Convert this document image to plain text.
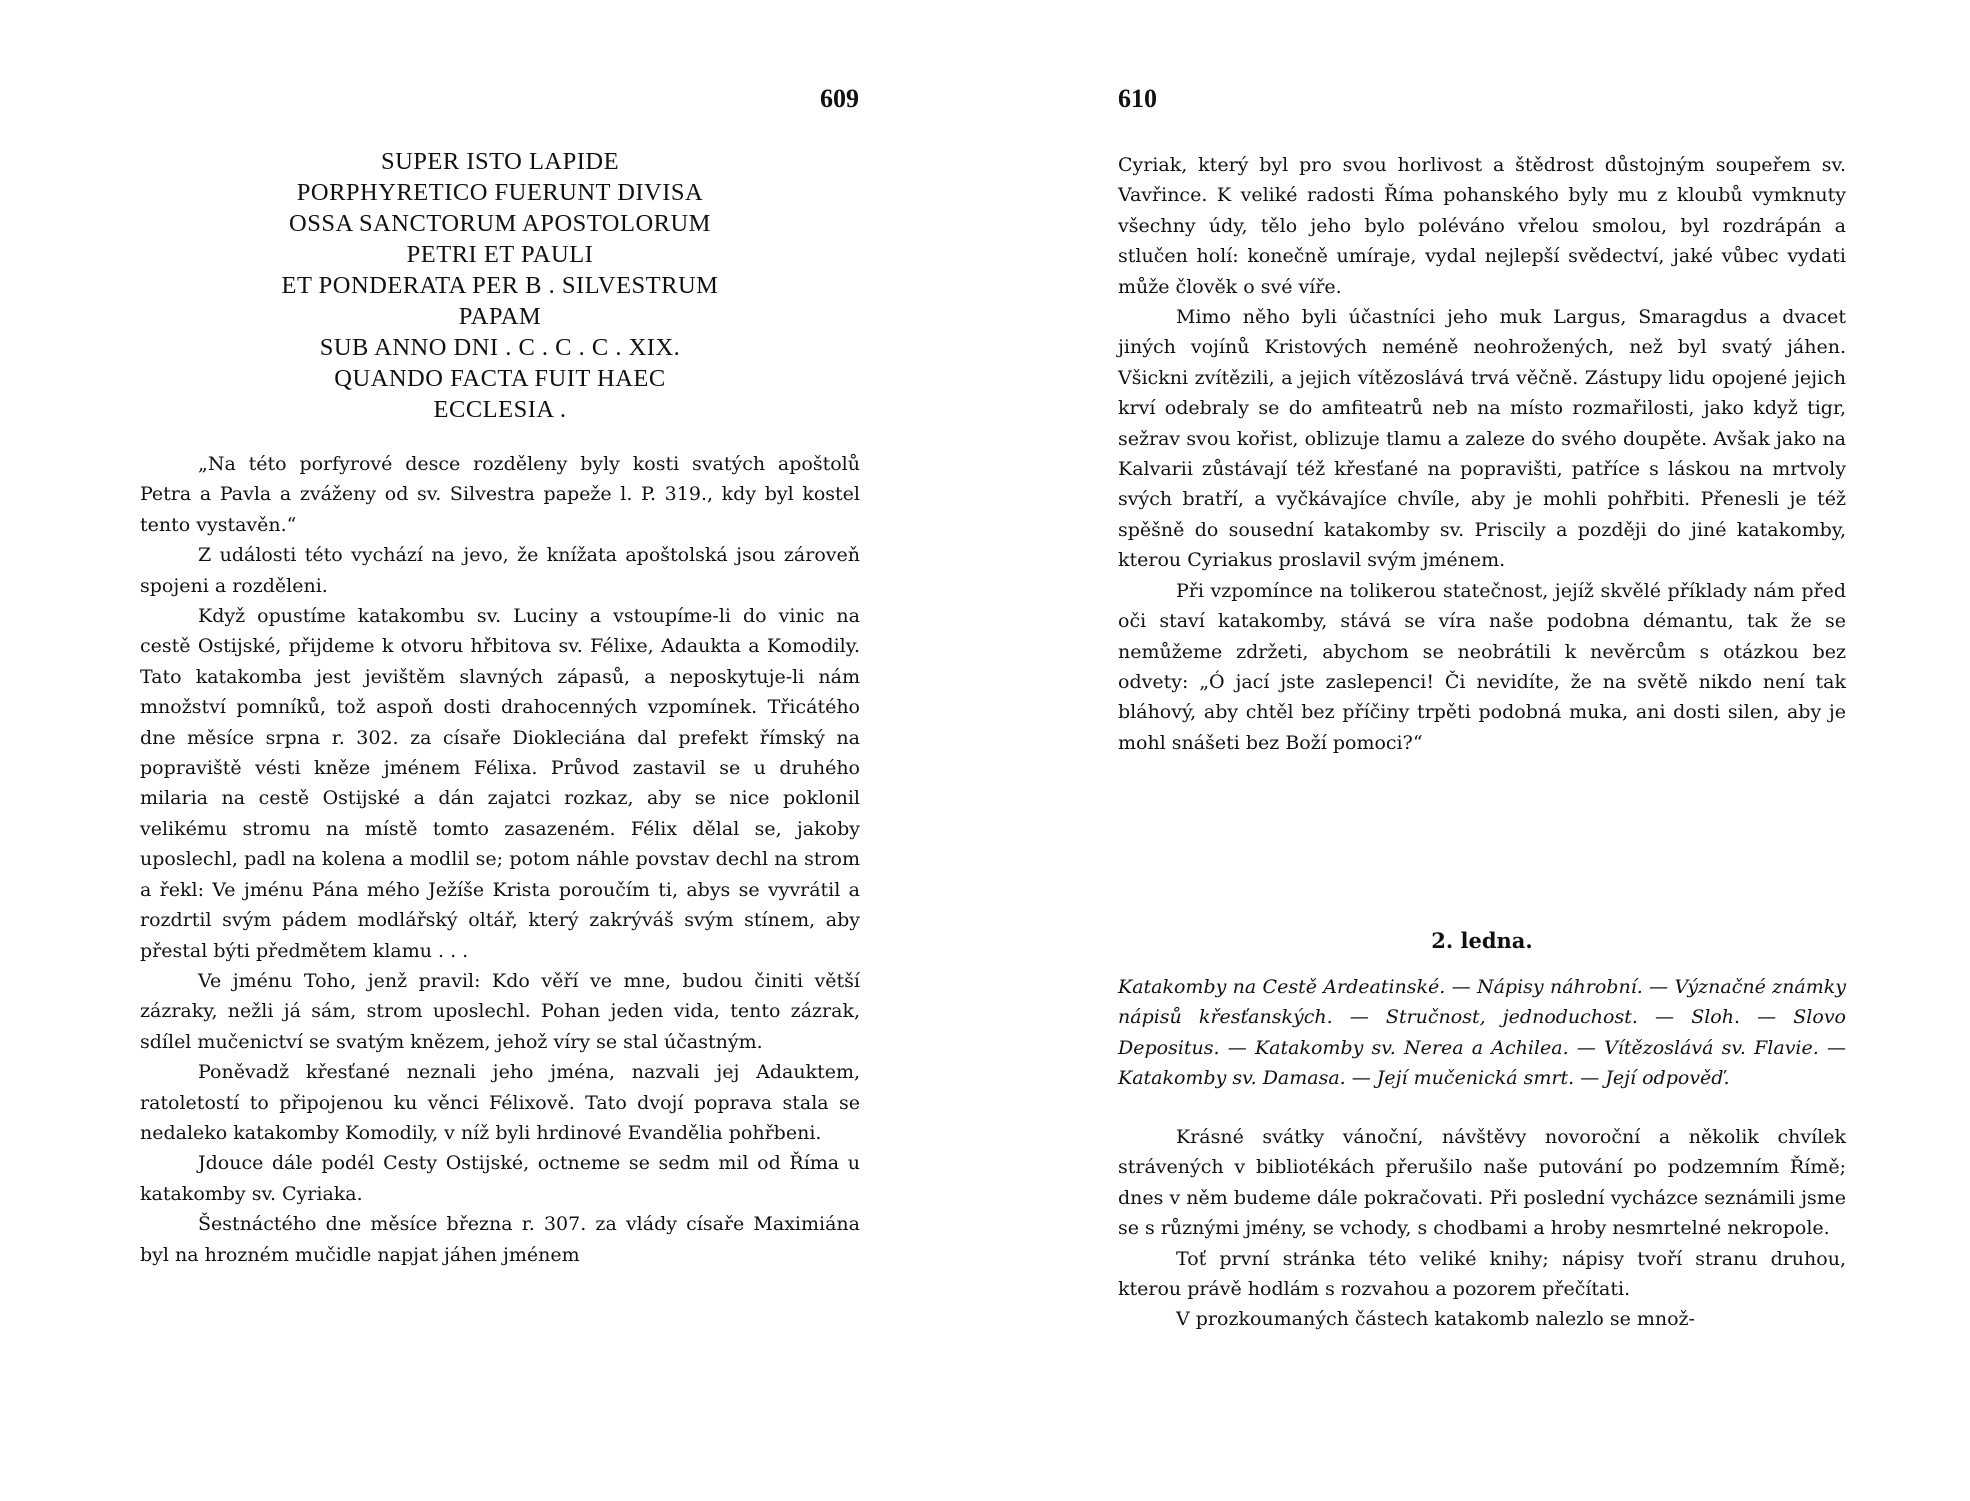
609
SUPER ISTO LAPIDE
PORPHYRETICO FUERUNT DIVISA
OSSA SANCTORUM APOSTOLORUM
PETRI ET PAULI
ET PONDERATA PER B . SILVESTRUM
PAPAM
SUB ANNO DNI . C . C . C . XIX.
QUANDO FACTA FUIT HAEC
ECCLESIA .

„Na této porfyrové desce rozděleny byly kosti svatých apoštolů Petra a Pavla a zváženy od sv. Silvestra papeže l. P. 319., kdy byl kostel tento vystavěn.“

Z události této vychází na jevo, že knížata apoštolská jsou zároveň spojeni a rozděleni.

Když opustíme katakombu sv. Luciny a vstoupíme-li do vinic na cestě Ostijské, přijdeme k otvoru hřbitova sv. Félixe, Adaukta a Komodily. Tato katakomba jest jevištěm slavných zápasů, a neposkytuje-li nám množství pomníků, tož aspoň dosti drahocenných vzpomínek. Třicátého dne měsíce srpna r. 302. za císaře Diokleciána dal prefekt římský na popraviště vésti kněze jménem Félixa. Průvod zastavil se u druhého milaria na cestě Ostijské a dán zajatci rozkaz, aby se nice poklonil velikému stromu na místě tomto zasazeném. Félix dělal se, jakoby uposlechl, padl na kolena a modlil se; potom náhle povstav dechl na strom a řekl: Ve jménu Pána mého Ježíše Krista poroučím ti, abys se vyvrátil a rozdrtil svým pádem modlářský oltář, který zakrýváš svým stínem, aby přestal býti předmětem klamu . . .

Ve jménu Toho, jenž pravil: Kdo věří ve mne, budou činiti větší zázraky, nežli já sám, strom uposlechl. Pohan jeden vida, tento zázrak, sdílel mučenictví se svatým knězem, jehož víry se stal účastným.

Poněvadž křesťané neznali jeho jména, nazvali jej Adauktem, ratoletostí to připojenou ku věnci Félixově. Tato dvojí poprava stala se nedaleko katakomby Komodily, v níž byli hrdinové Evandělia pohřbeni.

Jdouce dále podél Cesty Ostijské, octneme se sedm mil od Říma u katakomby sv. Cyriaka.

Šestnáctého dne měsíce března r. 307. za vlády císaře Maximiána byl na hrozném mučidle napjat jáhen jménem

610

Cyriak, který byl pro svou horlivost a štědrost důstojným soupeřem sv. Vavřince. K veliké radosti Říma pohanského byly mu z kloubů vymknuty všechny údy, tělo jeho bylo poléváno vřelou smolou, byl rozdrápán a stlučen holí: konečně umíraje, vydal nejlepší svědectví, jaké vůbec vydati může člověk o své víře.

Mimo něho byli účastníci jeho muk Largus, Smaragdus a dvacet jiných vojínů Kristových neméně neohrožených, než byl svatý jáhen. Všickni zvítězili, a jejich vítězoslává trvá věčně. Zástupy lidu opojené jejich krví odebraly se do amfiteatrů neb na místo rozmařilosti, jako když tigr, sežrav svou kořist, oblizuje tlamu a zaleze do svého doupěte. Avšak jako na Kalvarii zůstávají též křesťané na popravišti, patříce s láskou na mrtvoly svých bratří, a vyčkávajíce chvíle, aby je mohli pohřbiti. Přenesli je též spěšně do sousední katakomby sv. Priscily a později do jiné katakomby, kterou Cyriakus proslavil svým jménem.

Při vzpomínce na tolikerou statečnost, jejíž skvělé příklady nám před oči staví katakomby, stává se víra naše podobna démantu, tak že se nemůžeme zdržeti, abychom se neobrátili k nevěrcům s otázkou bez odvety: „Ó jací jste zaslepenci! Či nevidíte, že na světě nikdo není tak bláhový, aby chtěl bez příčiny trpěti podobná muka, ani dosti silen, aby je mohl snášeti bez Boží pomoci?“

2. ledna.

Katakomby na Cestě Ardeatinské. — Nápisy náhrobní. — Význačné známky nápisů křesťanských. — Stručnost, jednoduchost. — Sloh. — Slovo Depositus. — Katakomby sv. Nerea a Achilea. — Vítězoslává sv. Flavie. — Katakomby sv. Damasa. — Její mučenická smrt. — Její odpověď.

Krásné svátky vánoční, návštěvy novoroční a několik chvílek strávených v bibliotékách přerušilo naše putování po podzemním Římě; dnes v něm budeme dále pokračovati. Při poslední vycházce seznámili jsme se s různými jmény, se vchody, s chodbami a hroby nesmrtelné nekropole.

Toť první stránka této veliké knihy; nápisy tvoří stranu druhou, kterou právě hodlám s rozvahou a pozorem přečítati.

V prozkoumaných částech katakomb nalezlo se množ-
